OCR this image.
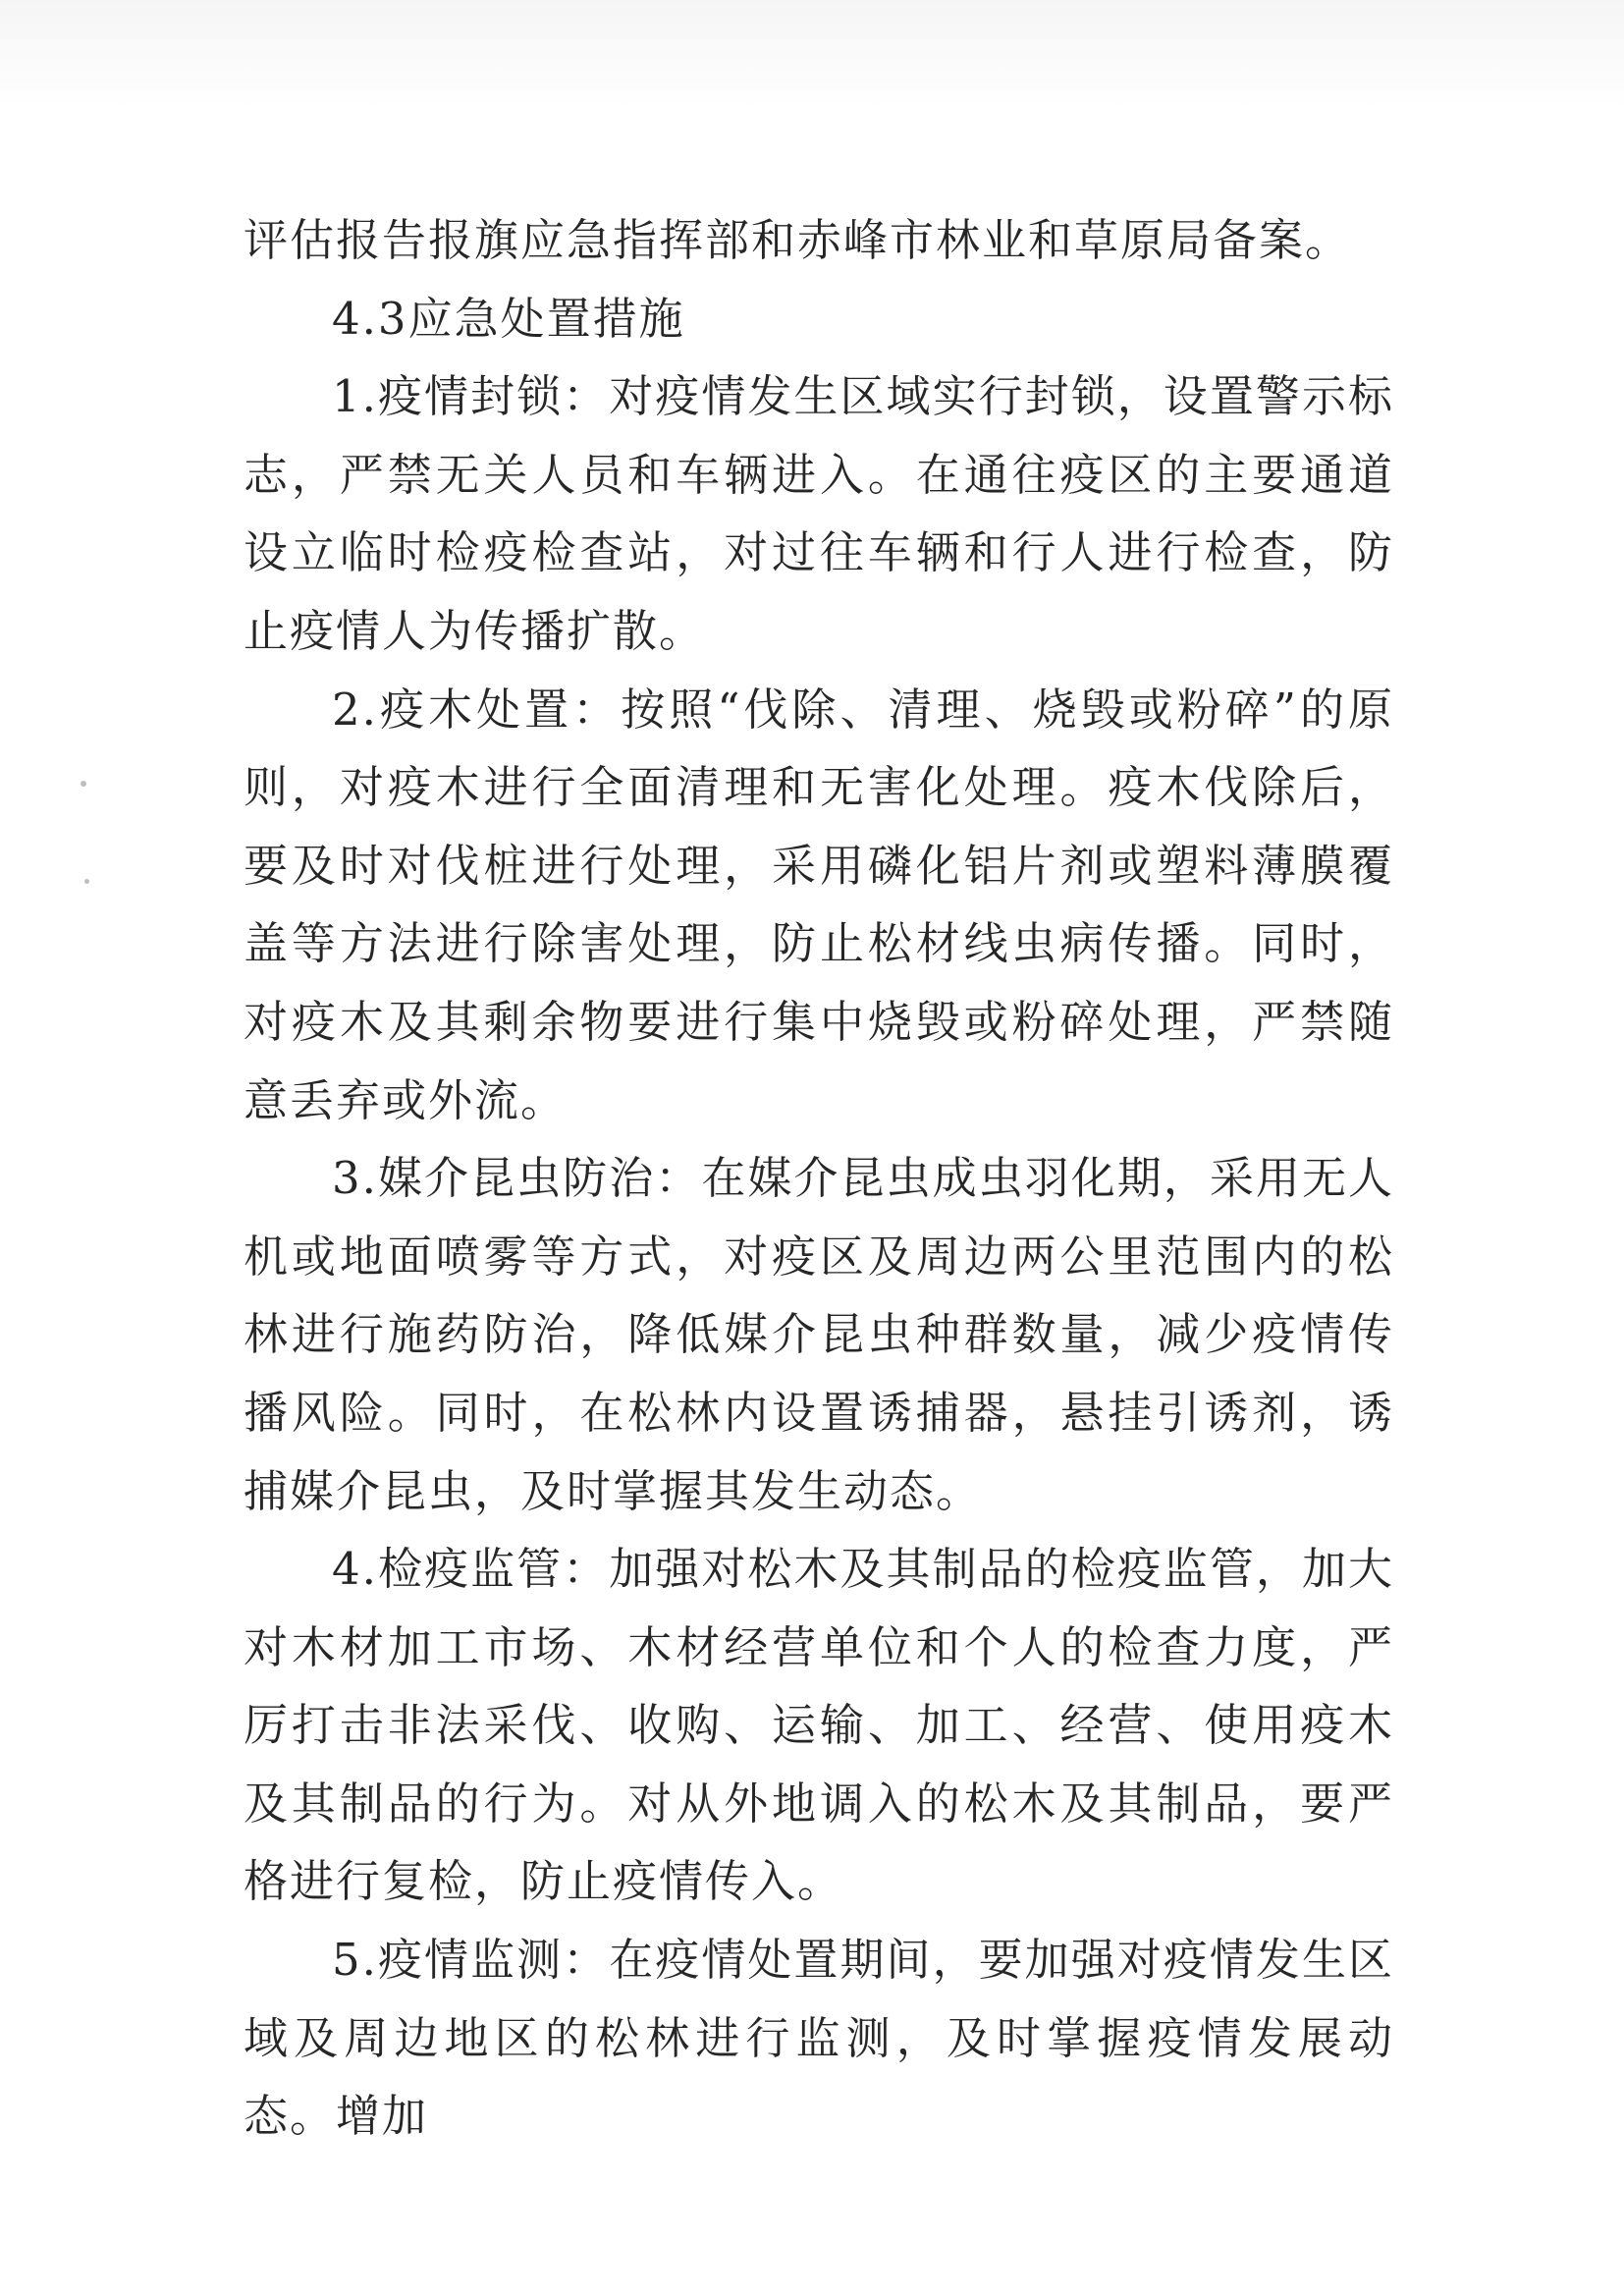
评估报告报旗应急指挥部和赤峰市林业和草原局备案。

4.3应急处置措施

1.疫情封锁：对疫情发生区域实行封锁，设置警示标志，严禁无关人员和车辆进入。在通往疫区的主要通道设立临时检疫检查站，对过往车辆和行人进行检查，防止疫情人为传播扩散。

2.疫木处置：按照“伐除、清理、烧毁或粉碎”的原则，对疫木进行全面清理和无害化处理。疫木伐除后，要及时对伐桩进行处理，采用磷化铝片剂或塑料薄膜覆盖等方法进行除害处理，防止松材线虫病传播。同时，对疫木及其剩余物要进行集中烧毁或粉碎处理，严禁随意丢弃或外流。

3.媒介昆虫防治：在媒介昆虫成虫羽化期，采用无人机或地面喷雾等方式，对疫区及周边两公里范围内的松林进行施药防治，降低媒介昆虫种群数量，减少疫情传播风险。同时，在松林内设置诱捕器，悬挂引诱剂，诱捕媒介昆虫，及时掌握其发生动态。

4.检疫监管：加强对松木及其制品的检疫监管，加大对木材加工市场、木材经营单位和个人的检查力度，严厉打击非法采伐、收购、运输、加工、经营、使用疫木及其制品的行为。对从外地调入的松木及其制品，要严格进行复检，防止疫情传入。

5.疫情监测：在疫情处置期间，要加强对疫情发生区域及周边地区的松林进行监测，及时掌握疫情发展动态。增加
